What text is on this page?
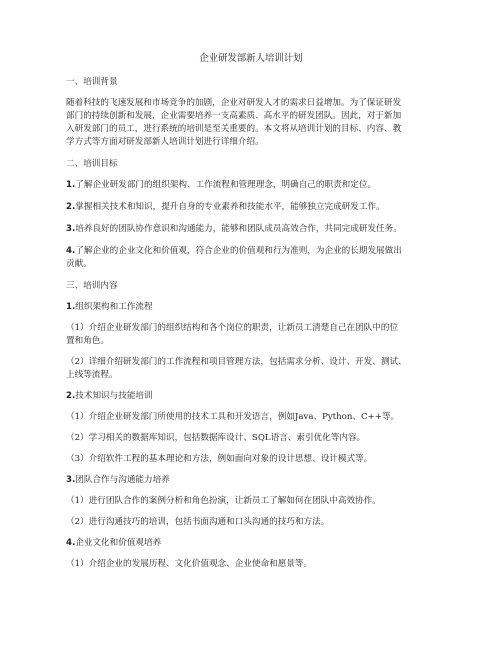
企业研发部新人培训计划
一、培训背景
随着科技的飞速发展和市场竞争的加剧，企业对研发人才的需求日益增加。为了保证研发
部门的持续创新和发展，企业需要培养一支高素质、高水平的研发团队。因此，对于新加
入研发部门的员工，进行系统的培训是至关重要的。本文将从培训计划的目标、内容、教
学方式等方面对研发部新人培训计划进行详细介绍。
二、培训目标
1.了解企业研发部门的组织架构、工作流程和管理理念，明确自己的职责和定位。
2.掌握相关技术和知识，提升自身的专业素养和技能水平，能够独立完成研发工作。
3.培养良好的团队协作意识和沟通能力，能够和团队成员高效合作，共同完成研发任务。
4.了解企业的企业文化和价值观，符合企业的价值观和行为准则，为企业的长期发展做出
贡献。
三、培训内容
1.组织架构和工作流程
（1）介绍企业研发部门的组织结构和各个岗位的职责，让新员工清楚自己在团队中的位
置和角色。
（2）详细介绍研发部门的工作流程和项目管理方法，包括需求分析、设计、开发、测试、
上线等流程。
2.技术知识与技能培训
（1）介绍企业研发部门所使用的技术工具和开发语言，例如Java、Python、C++等。
（2）学习相关的数据库知识，包括数据库设计、SQL语言、索引优化等内容。
（3）介绍软件工程的基本理论和方法，例如面向对象的设计思想、设计模式等。
3.团队合作与沟通能力培养
（1）进行团队合作的案例分析和角色扮演，让新员工了解如何在团队中高效协作。
（2）进行沟通技巧的培训，包括书面沟通和口头沟通的技巧和方法。
4.企业文化和价值观培养
（1）介绍企业的发展历程、文化价值观念、企业使命和愿景等。
